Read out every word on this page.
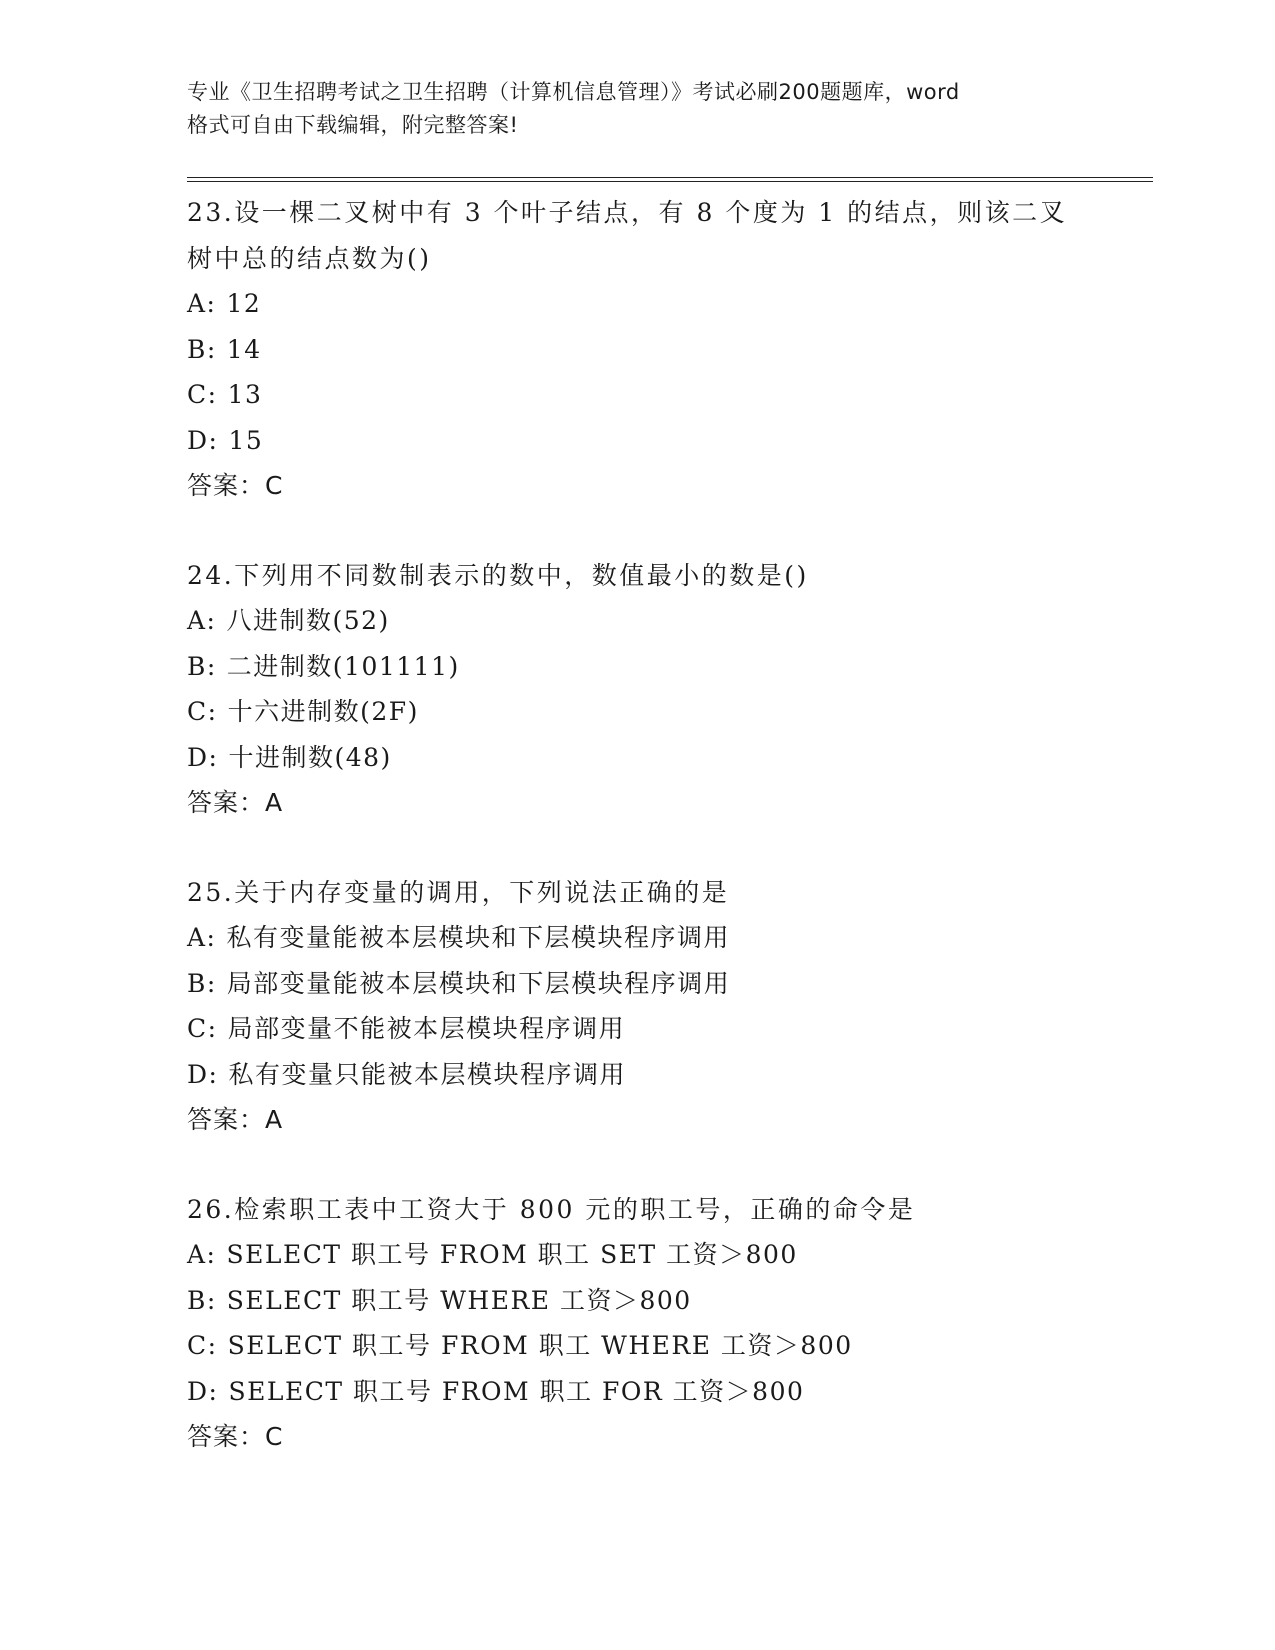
专业《卫生招聘考试之卫生招聘（计算机信息管理）》考试必刷200题题库，word
格式可自由下载编辑，附完整答案!
23.设一棵二叉树中有 3 个叶子结点，有 8 个度为 1 的结点，则该二叉
树中总的结点数为()
A: 12
B: 14
C: 13
D: 15
答案：C
24.下列用不同数制表示的数中，数值最小的数是()
A: 八进制数(52)
B: 二进制数(101111)
C: 十六进制数(2F)
D: 十进制数(48)
答案：A
25.关于内存变量的调用，下列说法正确的是
A: 私有变量能被本层模块和下层模块程序调用
B: 局部变量能被本层模块和下层模块程序调用
C: 局部变量不能被本层模块程序调用
D: 私有变量只能被本层模块程序调用
答案：A
26.检索职工表中工资大于 800 元的职工号，正确的命令是
A: SELECT 职工号 FROM 职工 SET 工资＞800
B: SELECT 职工号 WHERE 工资＞800
C: SELECT 职工号 FROM 职工 WHERE 工资＞800
D: SELECT 职工号 FROM 职工 FOR 工资＞800
答案：C
